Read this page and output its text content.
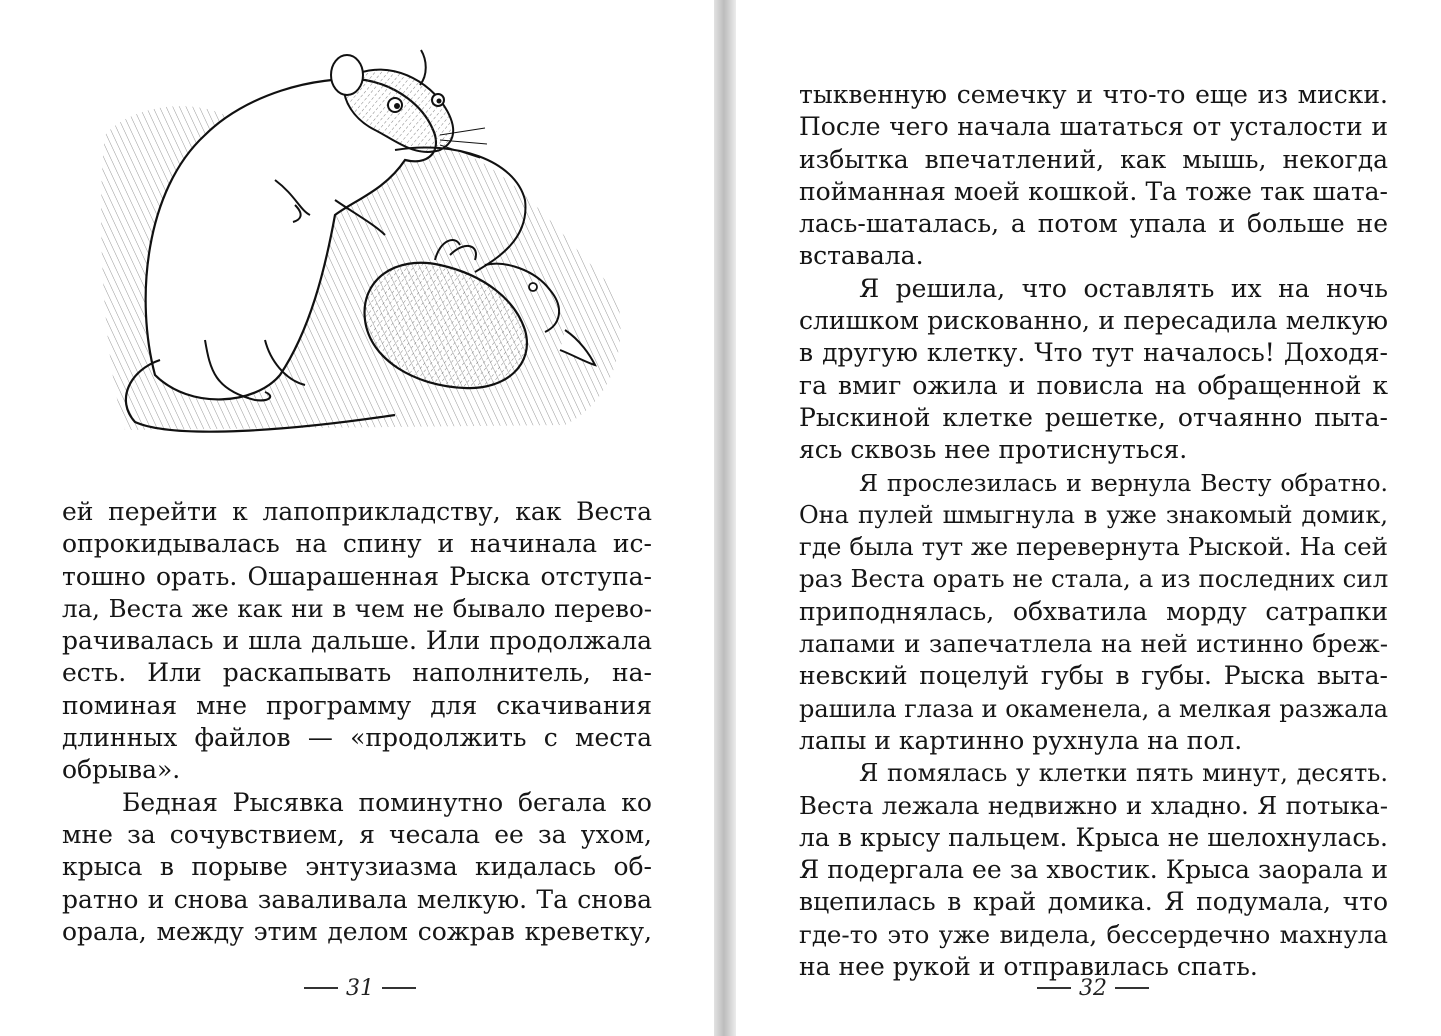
ей перейти к лапоприкладству, как Веста
опрокидывалась на спину и начинала ис-
тошно орать. Ошарашенная Рыска отступа-
ла, Веста же как ни в чем не бывало перево-
рачивалась и шла дальше. Или продолжала
есть. Или раскапывать наполнитель, на-
поминая мне программу для скачивания
длинных файлов — «продолжить с места
обрыва».
Бедная Рысявка поминутно бегала ко
мне за сочувствием, я чесала ее за ухом,
крыса в порыве энтузиазма кидалась об-
ратно и снова заваливала мелкую. Та снова
орала, между этим делом сожрав креветку,
31
тыквенную семечку и что-то еще из миски.
После чего начала шататься от усталости и
избытка впечатлений, как мышь, некогда
пойманная моей кошкой. Та тоже так шата-
лась-шаталась, а потом упала и больше не
вставала.
Я решила, что оставлять их на ночь
слишком рискованно, и пересадила мелкую
в другую клетку. Что тут началось! Доходя-
га вмиг ожила и повисла на обращенной к
Рыскиной клетке решетке, отчаянно пыта-
ясь сквозь нее протиснуться.
Я прослезилась и вернула Весту обратно.
Она пулей шмыгнула в уже знакомый домик,
где была тут же перевернута Рыской. На сей
раз Веста орать не стала, а из последних сил
приподнялась, обхватила морду сатрапки
лапами и запечатлела на ней истинно бреж-
невский поцелуй губы в губы. Рыска выта-
рашила глаза и окаменела, а мелкая разжала
лапы и картинно рухнула на пол.
Я помялась у клетки пять минут, десять.
Веста лежала недвижно и хладно. Я потыка-
ла в крысу пальцем. Крыса не шелохнулась.
Я подергала ее за хвостик. Крыса заорала и
вцепилась в край домика. Я подумала, что
где-то это уже видела, бессердечно махнула
на нее рукой и отправилась спать.
32
